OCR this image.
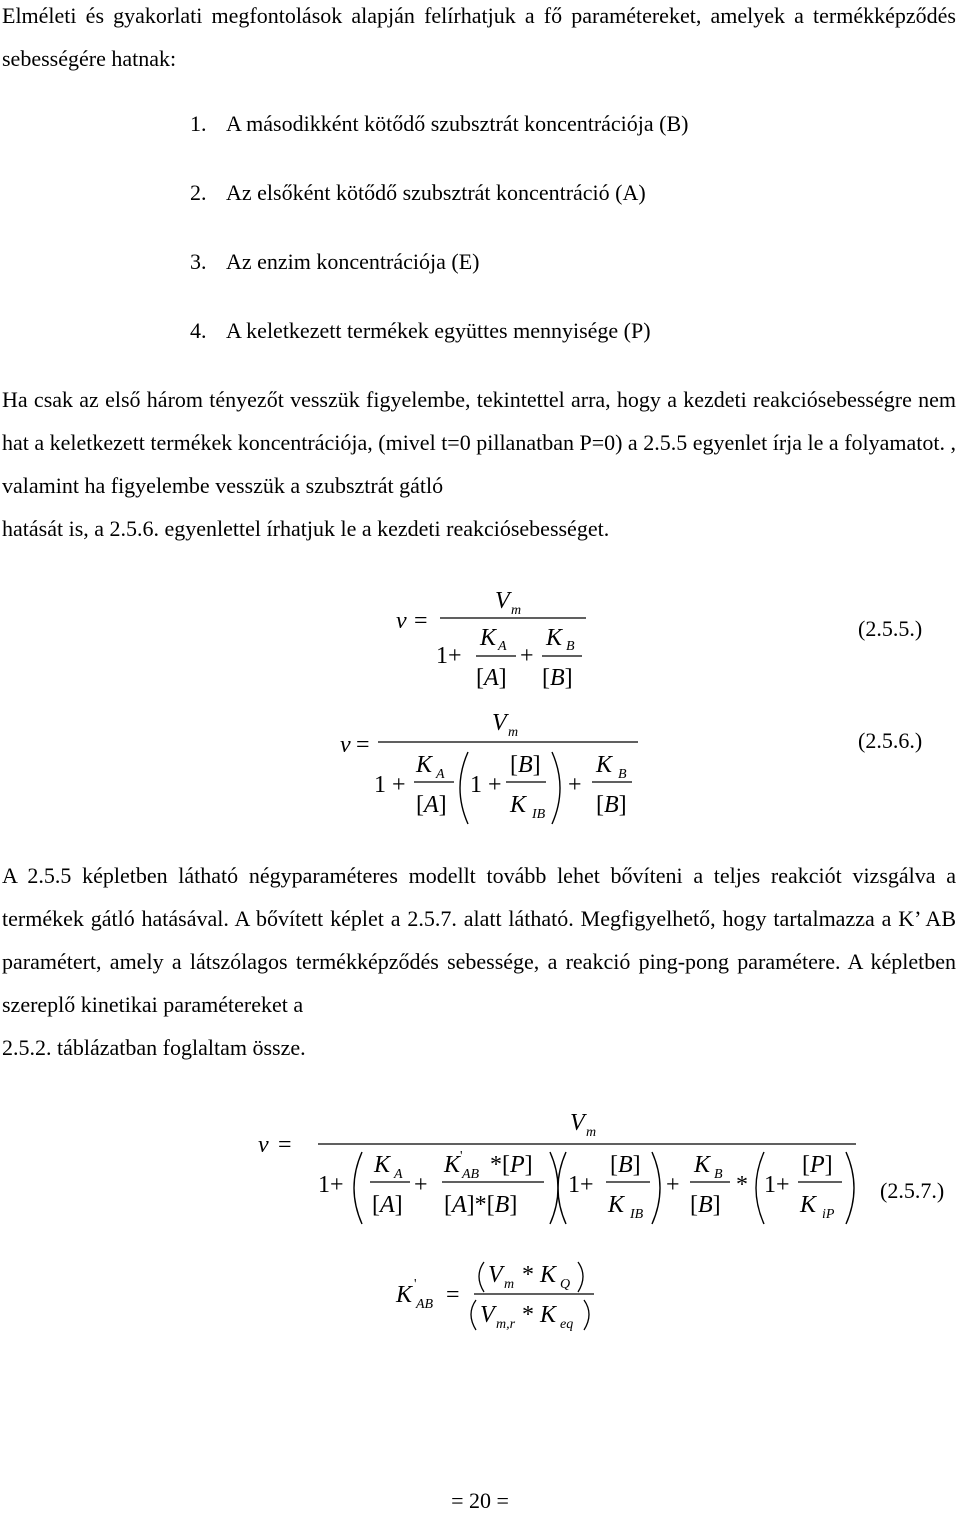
Elméleti és gyakorlati megfontolások alapján felírhatjuk a fő paramétereket, amelyek a termékképződés sebességére hatnak:

1. A másodikként kötődő szubsztrát koncentrációja (B)

2. Az elsőként kötődő szubsztrát koncentráció (A)

3. Az enzim koncentrációja (E)

4. A keletkezett termékek együttes mennyisége (P)

Ha csak az első három tényezőt vesszük figyelembe, tekintettel arra, hogy a kezdeti reakciósebességre nem hat a keletkezett termékek koncentrációja, (mivel t=0 pillanatban P=0) a 2.5.5 egyenlet írja le a folyamatot. , valamint ha figyelembe vesszük a szubsztrát gátló
hatását is, a 2.5.6. egyenlettel írhatjuk le a kezdeti reakciósebességet.

v =
V m
1+
K A
[A]
+
K B
[B]
v =
V m
1 +
K A
[A]
1 +
[B]
K IB
+
K B
[B]
v =
V m
1+
K A
[A]
+
K '
AB *[P]
[A]*[B]
1+
[B]
K IB
+
K B
[B]
* 1+
[P]
K iP
K '
AB =
V m * K Q
V m,r * K eq
(2.5.5.)
(2.5.6.)
(2.5.7.)

A 2.5.5 képletben látható négyparaméteres modellt tovább lehet bővíteni a teljes reakciót vizsgálva a termékek gátló hatásával. A bővített képlet a 2.5.7. alatt látható. Megfigyelhető, hogy tartalmazza a K’ AB paramétert, amely a látszólagos termékképződés sebessége, a reakció ping-pong paramétere. A képletben szereplő kinetikai paramétereket a
2.5.2. táblázatban foglaltam össze.

= 20 =
